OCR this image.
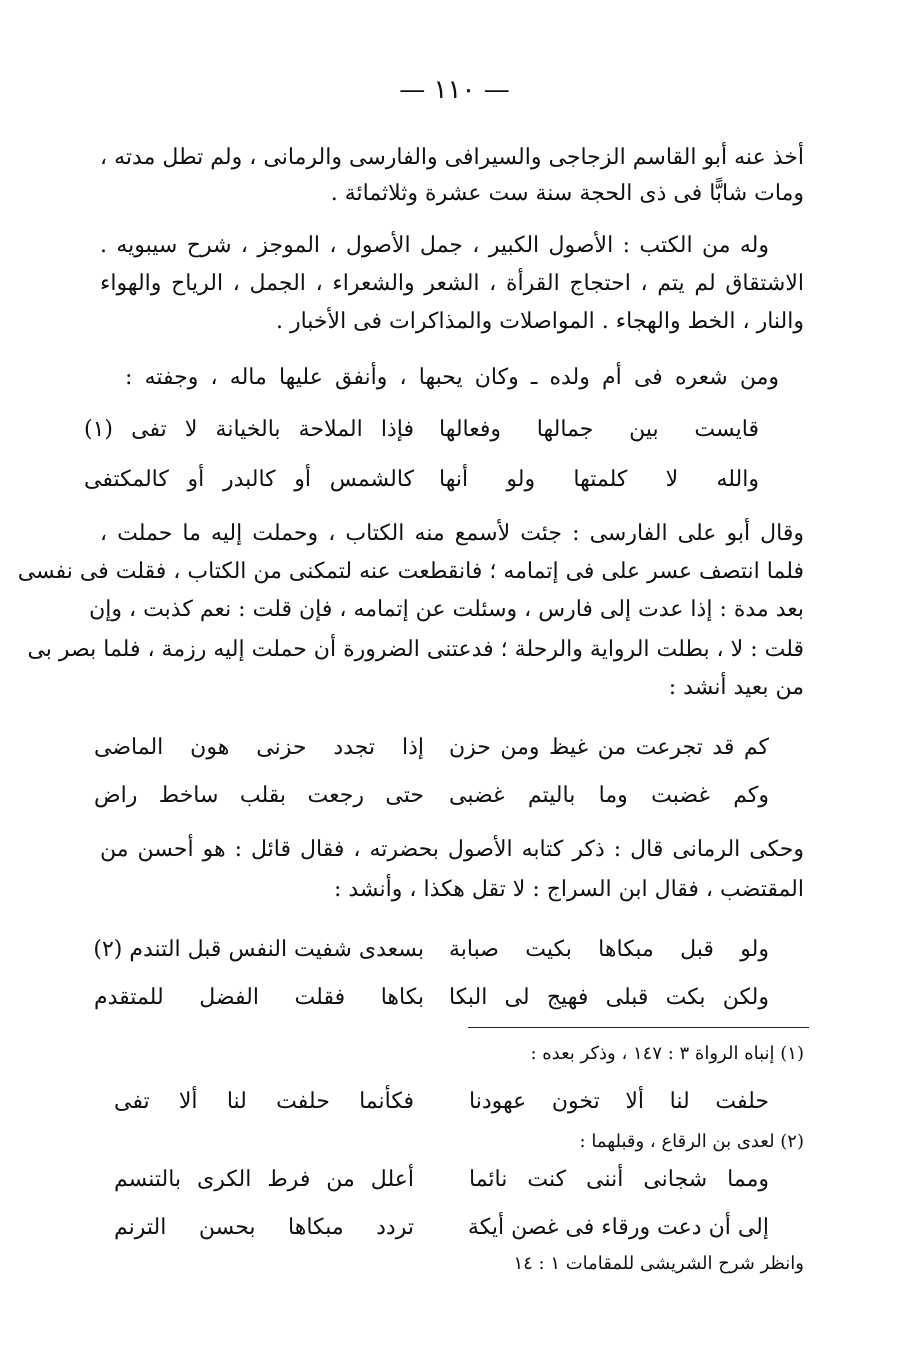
— ١١٠ —
أخذ عنه أبو القاسم الزجاجى والسيرافى والفارسى والرمانى ، ولم تطل مدته ،
ومات شابًّا فى ذى الحجة سنة ست عشرة وثلاثمائة .
وله من الكتب : الأصول الكبير ، جمل الأصول ، الموجز ، شرح سيبويه .
الاشتقاق لم يتم ، احتجاج القرأة ، الشعر والشعراء ، الجمل ، الرياح والهواء
والنار ، الخط والهجاء . المواصلات والمذاكرات فى الأخبار .
ومن شعره فى أم ولده ـ وكان يحبها ، وأنفق عليها ماله ، وجفته :
قايست بين جمالها وفعالها
فإذا الملاحة بالخيانة لا تفى (١)
والله لا كلمتها ولو أنها
كالشمس أو كالبدر أو كالمكتفى
وقال أبو على الفارسى : جئت لأسمع منه الكتاب ، وحملت إليه ما حملت ،
فلما انتصف عسر على فى إتمامه ؛ فانقطعت عنه لتمكنى من الكتاب ، فقلت فى نفسى
بعد مدة : إذا عدت إلى فارس ، وسئلت عن إتمامه ، فإن قلت : نعم كذبت ، وإن
قلت : لا ، بطلت الرواية والرحلة ؛ فدعتنى الضرورة أن حملت إليه رزمة ، فلما بصر بى
من بعيد أنشد :
كم قد تجرعت من غيظ ومن حزن
إذا تجدد حزنى هون الماضى
وكم غضبت وما باليتم غضبى
حتى رجعت بقلب ساخط راض
وحكى الرمانى قال : ذكر كتابه الأصول بحضرته ، فقال قائل : هو أحسن من
المقتضب ، فقال ابن السراج : لا تقل هكذا ، وأنشد :
ولو قبل مبكاها بكيت صبابة
بسعدى شفيت النفس قبل التندم (٢)
ولكن بكت قبلى فهيج لى البكا
بكاها فقلت الفضل للمتقدم
(١) إنباه الرواة ٣ : ١٤٧ ، وذكر بعده :
حلفت لنا ألا تخون عهودنا
فكأنما حلفت لنا ألا تفى
(٢) لعدى بن الرقاع ، وقبلهما :
ومما شجانى أننى كنت نائما
أعلل من فرط الكرى بالتنسم
إلى أن دعت ورقاء فى غصن أيكة
تردد مبكاها بحسن الترنم
وانظر شرح الشريشى للمقامات ١ : ١٤
